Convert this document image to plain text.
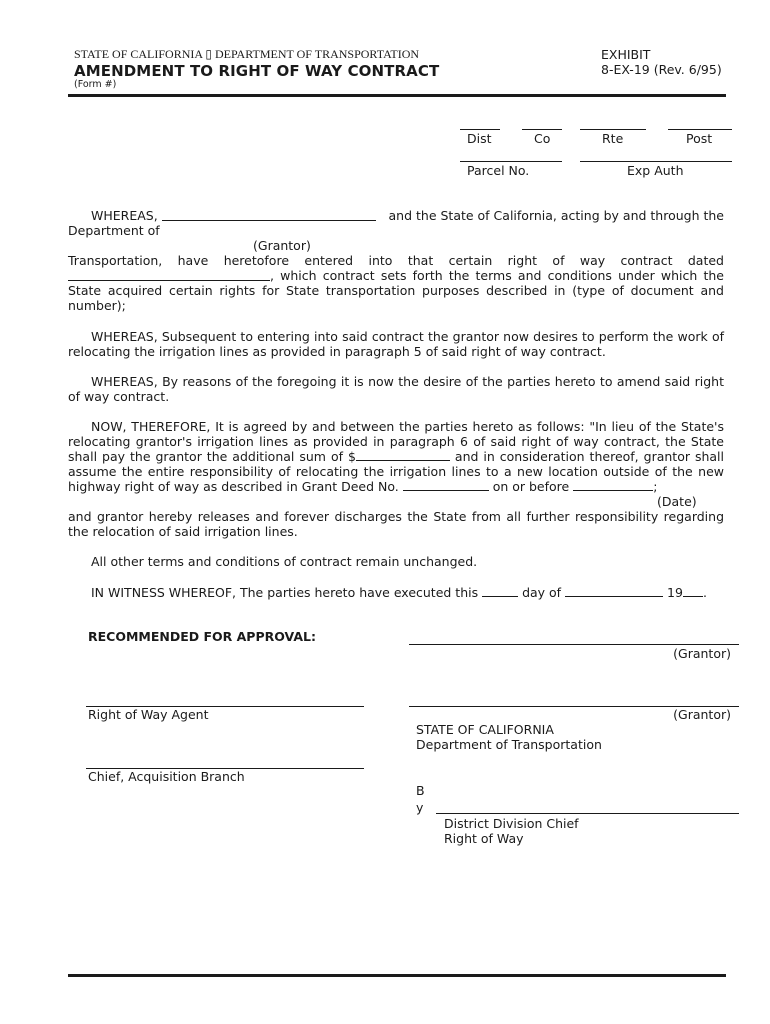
STATE OF CALIFORNIA ▯ DEPARTMENT OF TRANSPORTATION
AMENDMENT TO RIGHT OF WAY CONTRACT
(Form #)
EXHIBIT
8-EX-19 (Rev. 6/95)
Dist	Co	Rte	Post
Parcel No.	Exp Auth
WHEREAS,	and the State of California, acting by and through the
Department of
(Grantor)
Transportation, have heretofore entered into that certain right of way contract dated
, which contract sets forth the terms and conditions under which the
State acquired certain rights for State transportation purposes described in (type of document and number);
WHEREAS, Subsequent to entering into said contract the grantor now desires to perform the work of relocating the irrigation lines as provided in paragraph 5 of said right of way contract.
WHEREAS, By reasons of the foregoing it is now the desire of the parties hereto to amend said right of way contract.
NOW, THEREFORE, It is agreed by and between the parties hereto as follows: "In lieu of the State's relocating grantor's irrigation lines as provided in paragraph 6 of said right of way contract, the State shall pay the grantor the additional sum of $	and in consideration thereof, grantor shall assume the entire responsibility of relocating the irrigation lines to a new location outside of the new highway right of way as described in Grant Deed No.	on or before	;
(Date)
and grantor hereby releases and forever discharges the State from all further responsibility regarding the relocation of said irrigation lines.
All other terms and conditions of contract remain unchanged.
IN WITNESS WHEREOF, The parties hereto have executed this	day of	19 .
RECOMMENDED FOR APPROVAL:
(Grantor)
Right of Way Agent	(Grantor)
STATE OF CALIFORNIA
Department of Transportation
Chief, Acquisition Branch
B
y
District Division Chief
Right of Way
